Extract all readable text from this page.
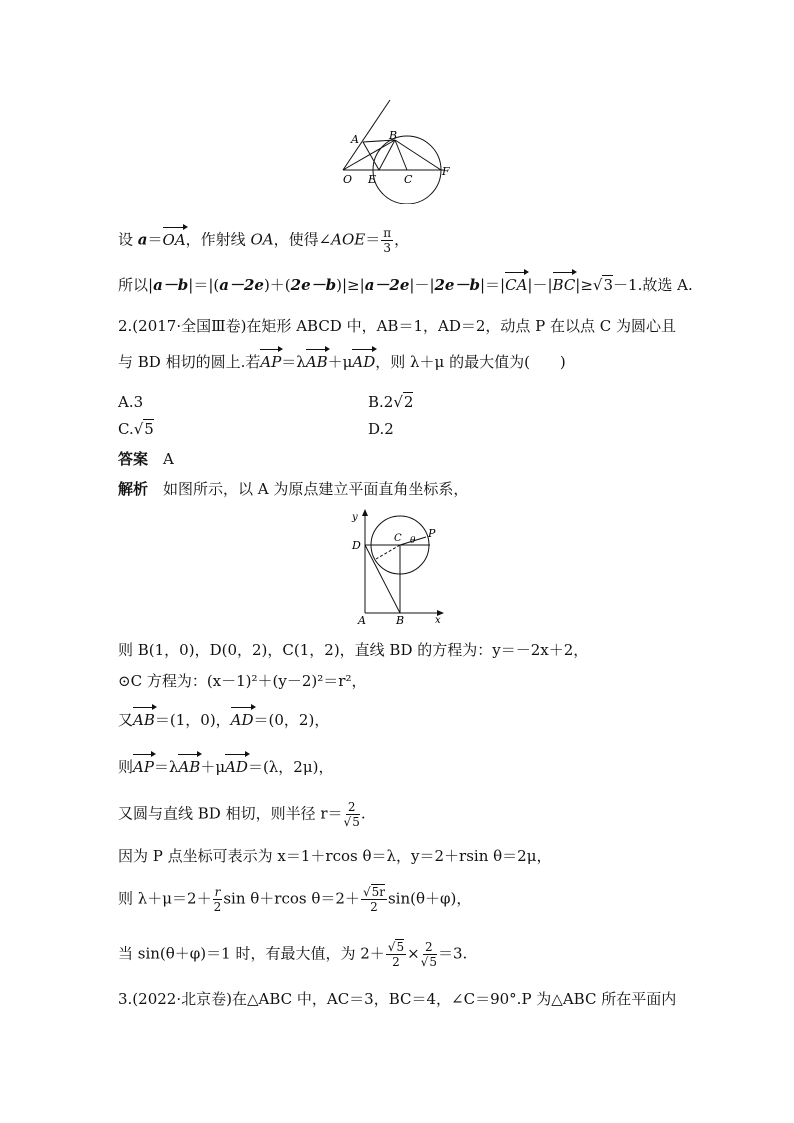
A	B
O E	C
F
设 a＝OA，作射线 OA，使得∠AOE＝ $\frac{\pi}{3}$ ，
所以|a－b|＝|(a－2e)＋(2e－b)|≥|a－2e|－|2e－b|＝|CA|－|BC|≥√3－1.故选 A.
2.(2017·全国Ⅲ卷)在矩形 ABCD 中，AB＝1，AD＝2，动点 P 在以点 C 为圆心且
与 BD 相切的圆上.若AP＝λAB＋μAD，则 λ＋μ 的最大值为(　　)
A.3	B.2√2
C.√5	D.2
答案　 A
解析　 如图所示，以 A 为原点建立平面直角坐标系，
y
x
D
A	B
C θ
P
则 B(1，0)，D(0，2)，C(1，2)，直线 BD 的方程为：y＝－2x＋2，
⊙C 方程为：(x－1)²＋(y－2)²＝r²，
又AB＝(1，0)，AD＝(0，2)，
则AP＝λAB＋μAD＝(λ，2μ)，
又圆与直线 BD 相切，则半径 $r= \frac{2}{√5}$ .
因为 P 点坐标可表示为 x＝1＋rcos θ＝λ，y＝2＋rsin θ＝2μ，
则 $\lambda+\mu=2+ \frac{r}{2}$ sin θ＋rcos $\theta=2+ \frac{√5r}{2} \sin(\theta+\varphi)$，
当 sin(θ＋φ)＝1 时，有最大值，为 $2+ \frac{√5}{2} \times \frac{2}{√5} =3$.
3.(2022·北京卷)在△ABC 中，AC＝3，BC＝4，∠C＝90°.P 为△ABC 所在平面内
